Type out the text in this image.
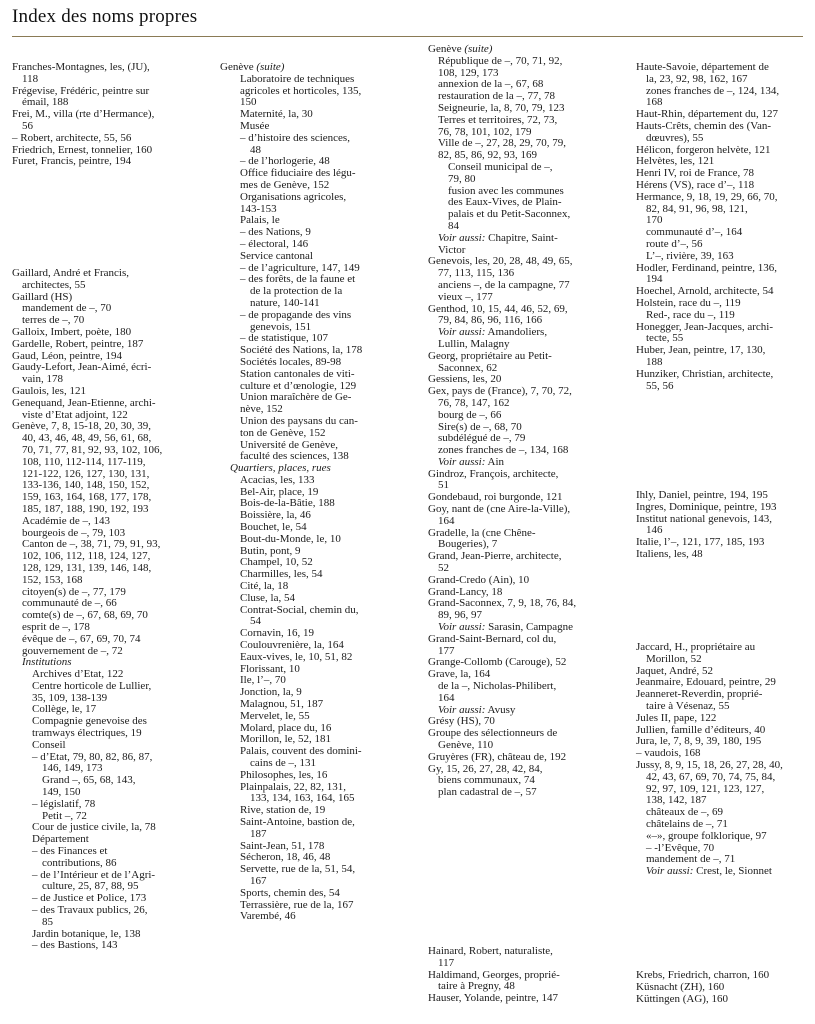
Index des noms propres
Franches-Montagnes, les, (JU),
118
Frégevise, Frédéric, peintre sur
émail, 188
Frei, M., villa (rte d’Hermance),
56
– Robert, architecte, 55, 56
Friedrich, Ernest, tonnelier, 160
Furet, Francis, peintre, 194
Gaillard, André et Francis,
architectes, 55
Gaillard (HS)
mandement de –, 70
terres de –, 70
Galloix, Imbert, poète, 180
Gardelle, Robert, peintre, 187
Gaud, Léon, peintre, 194
Gaudy-Lefort, Jean-Aimé, écri-
vain, 178
Gaulois, les, 121
Genequand, Jean-Etienne, archi-
viste d’Etat adjoint, 122
Genève, 7, 8, 15-18, 20, 30, 39,
40, 43, 46, 48, 49, 56, 61, 68,
70, 71, 77, 81, 92, 93, 102, 106,
108, 110, 112-114, 117-119,
121-122, 126, 127, 130, 131,
133-136, 140, 148, 150, 152,
159, 163, 164, 168, 177, 178,
185, 187, 188, 190, 192, 193
Académie de –, 143
bourgeois de –, 79, 103
Canton de –, 38, 71, 79, 91, 93,
102, 106, 112, 118, 124, 127,
128, 129, 131, 139, 146, 148,
152, 153, 168
citoyen(s) de –, 77, 179
communauté de –, 66
comte(s) de –, 67, 68, 69, 70
esprit de –, 178
évêque de –, 67, 69, 70, 74
gouvernement de –, 72
Institutions
Archives d’Etat, 122
Centre horticole de Lullier,
35, 109, 138-139
Collège, le, 17
Compagnie genevoise des
tramways électriques, 19
Conseil
– d’Etat, 79, 80, 82, 86, 87,
146, 149, 173
Grand –, 65, 68, 143,
149, 150
– législatif, 78
Petit –, 72
Cour de justice civile, la, 78
Département
– des Finances et
contributions, 86
– de l’Intérieur et de l’Agri-
culture, 25, 87, 88, 95
– de Justice et Police, 173
– des Travaux publics, 26,
85
Jardin botanique, le, 138
– des Bastions, 143
Genève (suite)
Laboratoire de techniques
agricoles et horticoles, 135,
150
Maternité, la, 30
Musée
– d’histoire des sciences,
48
– de l’horlogerie, 48
Office fiduciaire des légu-
mes de Genève, 152
Organisations agricoles,
143-153
Palais, le
– des Nations, 9
– électoral, 146
Service cantonal
– de l’agriculture, 147, 149
– des forêts, de la faune et
de la protection de la
nature, 140-141
– de propagande des vins
genevois, 151
– de statistique, 107
Société des Nations, la, 178
Sociétés locales, 89-98
Station cantonales de viti-
culture et d’œnologie, 129
Union maraîchère de Ge-
nève, 152
Union des paysans du can-
ton de Genève, 152
Université de Genève,
faculté des sciences, 138
Quartiers, places, rues
Acacias, les, 133
Bel-Air, place, 19
Bois-de-la-Bâtie, 188
Boissière, la, 46
Bouchet, le, 54
Bout-du-Monde, le, 10
Butin, pont, 9
Champel, 10, 52
Charmilles, les, 54
Cité, la, 18
Cluse, la, 54
Contrat-Social, chemin du,
54
Cornavin, 16, 19
Coulouvrenière, la, 164
Eaux-vives, le, 10, 51, 82
Florissant, 10
Ile, l’–, 70
Jonction, la, 9
Malagnou, 51, 187
Mervelet, le, 55
Molard, place du, 16
Morillon, le, 52, 181
Palais, couvent des domini-
cains de –, 131
Philosophes, les, 16
Plainpalais, 22, 82, 131,
133, 134, 163, 164, 165
Rive, station de, 19
Saint-Antoine, bastion de,
187
Saint-Jean, 51, 178
Sécheron, 18, 46, 48
Servette, rue de la, 51, 54,
167
Sports, chemin des, 54
Terrassière, rue de la, 167
Varembé, 46
Genève (suite)
République de –, 70, 71, 92,
108, 129, 173
annexion de la –, 67, 68
restauration de la –, 77, 78
Seigneurie, la, 8, 70, 79, 123
Terres et territoires, 72, 73,
76, 78, 101, 102, 179
Ville de –, 27, 28, 29, 70, 79,
82, 85, 86, 92, 93, 169
Conseil municipal de –,
79, 80
fusion avec les communes
des Eaux-Vives, de Plain-
palais et du Petit-Saconnex,
84
Voir aussi: Chapitre, Saint-
Victor
Genevois, les, 20, 28, 48, 49, 65,
77, 113, 115, 136
anciens –, de la campagne, 77
vieux –, 177
Genthod, 10, 15, 44, 46, 52, 69,
79, 84, 86, 96, 116, 166
Voir aussi: Amandoliers,
Lullin, Malagny
Georg, propriétaire au Petit-
Saconnex, 62
Gessiens, les, 20
Gex, pays de (France), 7, 70, 72,
76, 78, 147, 162
bourg de –, 66
Sire(s) de –, 68, 70
subdélégué de –, 79
zones franches de –, 134, 168
Voir aussi: Ain
Gindroz, François, architecte,
51
Gondebaud, roi burgonde, 121
Goy, nant de (cne Aire-la-Ville),
164
Gradelle, la (cne Chêne-
Bougeries), 7
Grand, Jean-Pierre, architecte,
52
Grand-Credo (Ain), 10
Grand-Lancy, 18
Grand-Saconnex, 7, 9, 18, 76, 84,
89, 96, 97
Voir aussi: Sarasin, Campagne
Grand-Saint-Bernard, col du,
177
Grange-Collomb (Carouge), 52
Grave, la, 164
de la –, Nicholas-Philibert,
164
Voir aussi: Avusy
Grésy (HS), 70
Groupe des sélectionneurs de
Genève, 110
Gruyères (FR), château de, 192
Gy, 15, 26, 27, 28, 42, 84,
biens communaux, 74
plan cadastral de –, 57
Hainard, Robert, naturaliste,
117
Haldimand, Georges, proprié-
taire à Pregny, 48
Hauser, Yolande, peintre, 147
Haute-Savoie, département de
la, 23, 92, 98, 162, 167
zones franches de –, 124, 134,
168
Haut-Rhin, département du, 127
Hauts-Crêts, chemin des (Van-
dœuvres), 55
Hélicon, forgeron helvète, 121
Helvètes, les, 121
Henri IV, roi de France, 78
Hérens (VS), race d’–, 118
Hermance, 9, 18, 19, 29, 66, 70,
82, 84, 91, 96, 98, 121,
170
communauté d’–, 164
route d’–, 56
L’–, rivière, 39, 163
Hodler, Ferdinand, peintre, 136,
194
Hoechel, Arnold, architecte, 54
Holstein, race du –, 119
Red-, race du –, 119
Honegger, Jean-Jacques, archi-
tecte, 55
Huber, Jean, peintre, 17, 130,
188
Hunziker, Christian, architecte,
55, 56
Ihly, Daniel, peintre, 194, 195
Ingres, Dominique, peintre, 193
Institut national genevois, 143,
146
Italie, l’–, 121, 177, 185, 193
Italiens, les, 48
Jaccard, H., propriétaire au
Morillon, 52
Jaquet, André, 52
Jeanmaire, Edouard, peintre, 29
Jeanneret-Reverdin, proprié-
taire à Vésenaz, 55
Jules II, pape, 122
Jullien, famille d’éditeurs, 40
Jura, le, 7, 8, 9, 39, 180, 195
– vaudois, 168
Jussy, 8, 9, 15, 18, 26, 27, 28, 40,
42, 43, 67, 69, 70, 74, 75, 84,
92, 97, 109, 121, 123, 127,
138, 142, 187
châteaux de –, 69
châtelains de –, 71
«–», groupe folklorique, 97
– -l’Evêque, 70
mandement de –, 71
Voir aussi: Crest, le, Sionnet
Krebs, Friedrich, charron, 160
Küsnacht (ZH), 160
Küttingen (AG), 160
